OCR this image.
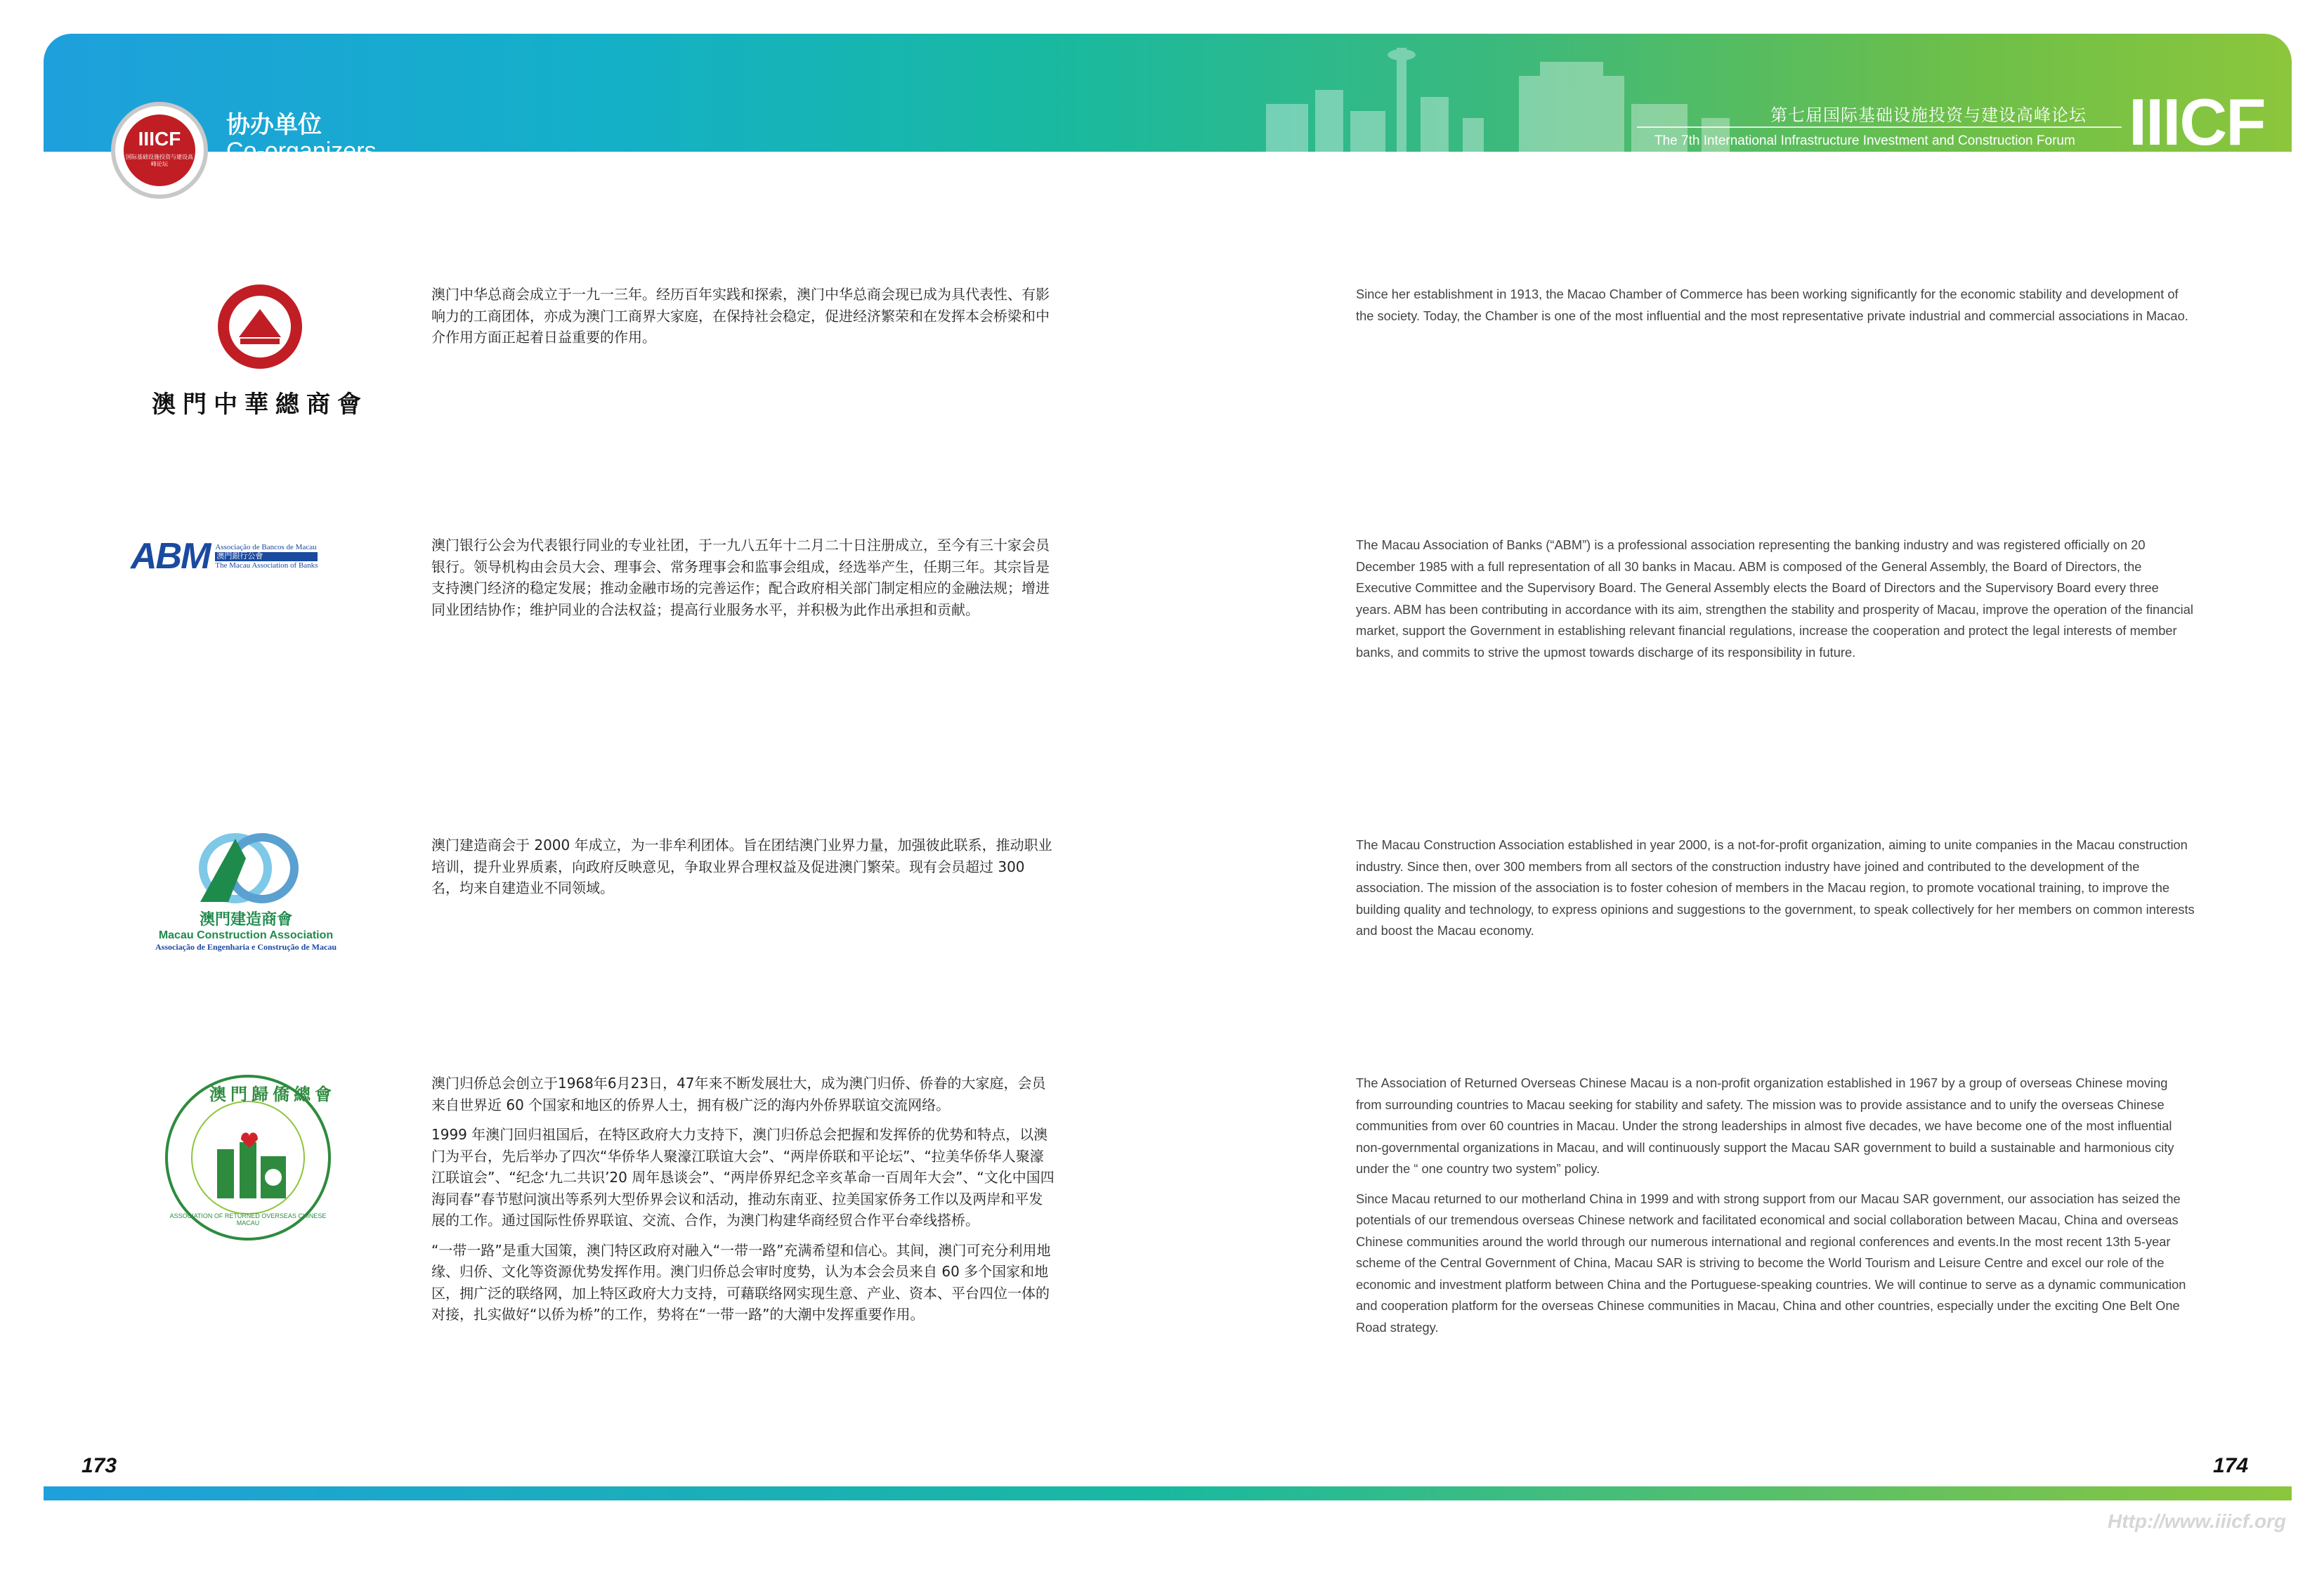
IIICF
国际基础设施投资与建设高峰论坛
协办单位
Co-organizers
第七届国际基础设施投资与建设高峰论坛
The 7th International Infrastructure Investment and Construction Forum IIICF
澳門中華總商會
澳门中华总商会成立于一九一三年。经历百年实践和探索，澳门中华总商会现已成为具代表性、有影响力的工商团体，亦成为澳门工商界大家庭，在保持社会稳定，促进经济繁荣和在发挥本会桥梁和中介作用方面正起着日益重要的作用。
Since her establishment in 1913, the Macao Chamber of Commerce has been working significantly for the economic stability and development of the society. Today, the Chamber is one of the most influential and the most representative private industrial and commercial associations in Macao.
ABM Associação de Bancos de Macau
澳門銀行公會
The Macau Association of Banks
澳门银行公会为代表银行同业的专业社团，于一九八五年十二月二十日注册成立，至今有三十家会员银行。领导机构由会员大会、理事会、常务理事会和监事会组成，经选举产生，任期三年。其宗旨是支持澳门经济的稳定发展；推动金融市场的完善运作；配合政府相关部门制定相应的金融法规；增进同业团结协作；维护同业的合法权益；提高行业服务水平，并积极为此作出承担和贡献。
The Macau Association of Banks (“ABM”) is a professional association representing the banking industry and was registered officially on 20 December 1985 with a full representation of all 30 banks in Macau. ABM is composed of the General Assembly, the Board of Directors, the Executive Committee and the Supervisory Board. The General Assembly elects the Board of Directors and the Supervisory Board every three years. ABM has been contributing in accordance with its aim, strengthen the stability and prosperity of Macau, improve the operation of the financial market, support the Government in establishing relevant financial regulations, increase the cooperation and protect the legal interests of member banks, and commits to strive the upmost towards discharge of its responsibility in future.
澳門建造商會
Macau Construction Association
Associação de Engenharia e Construção de Macau
澳门建造商会于 2000 年成立，为一非牟利团体。旨在团结澳门业界力量，加强彼此联系，推动职业培训，提升业界质素，向政府反映意见，争取业界合理权益及促进澳门繁荣。现有会员超过 300 名，均来自建造业不同领域。
The Macau Construction Association established in year 2000, is a not-for-profit organization, aiming to unite companies in the Macau construction industry. Since then, over 300 members from all sectors of the construction industry have joined and contributed to the development of the association. The mission of the association is to foster cohesion of members in the Macau region, to promote vocational training, to improve the building quality and technology, to express opinions and suggestions to the government, to speak collectively for her members on common interests and boost the Macau economy.
澳門歸僑總會
ASSOCIATION OF RETURNED OVERSEAS CHINESE MACAU

澳门归侨总会创立于1968年6月23日，47年来不断发展壮大，成为澳门归侨、侨眷的大家庭，会员来自世界近 60 个国家和地区的侨界人士，拥有极广泛的海内外侨界联谊交流网络。

1999 年澳门回归祖国后，在特区政府大力支持下，澳门归侨总会把握和发挥侨的优势和特点，以澳门为平台，先后举办了四次“华侨华人聚濠江联谊大会”、“两岸侨联和平论坛”、“拉美华侨华人聚濠江联谊会”、“纪念‘九二共识’20 周年恳谈会”、“两岸侨界纪念辛亥革命一百周年大会”、“文化中国四海同春”春节慰问演出等系列大型侨界会议和活动，推动东南亚、拉美国家侨务工作以及两岸和平发展的工作。通过国际性侨界联谊、交流、合作，为澳门构建华商经贸合作平台牵线搭桥。

“一带一路”是重大国策，澳门特区政府对融入“一带一路”充满希望和信心。其间，澳门可充分利用地缘、归侨、文化等资源优势发挥作用。澳门归侨总会审时度势，认为本会会员来自 60 多个国家和地区，拥广泛的联络网，加上特区政府大力支持，可藉联络网实现生意、产业、资本、平台四位一体的对接，扎实做好“以侨为桥”的工作，势将在“一带一路”的大潮中发挥重要作用。

The Association of Returned Overseas Chinese Macau is a non-profit organization established in 1967 by a group of overseas Chinese moving from surrounding countries to Macau seeking for stability and safety. The mission was to provide assistance and to unify the overseas Chinese communities from over 60 countries in Macau. Under the strong leaderships in almost five decades, we have become one of the most influential non-governmental organizations in Macau, and will continuously support the Macau SAR government to build a sustainable and harmonious city under the “ one country two system” policy.

Since Macau returned to our motherland China in 1999 and with strong support from our Macau SAR government, our association has seized the potentials of our tremendous overseas Chinese network and facilitated economical and social collaboration between Macau, China and overseas Chinese communities around the world through our numerous international and regional conferences and events.In the most recent 13th 5-year scheme of the Central Government of China, Macau SAR is striving to become the World Tourism and Leisure Centre and excel our role of the economic and investment platform between China and the Portuguese-speaking countries. We will continue to serve as a dynamic communication and cooperation platform for the overseas Chinese communities in Macau, China and other countries, especially under the exciting One Belt One Road strategy.

173	174
Http://www.iiicf.org
